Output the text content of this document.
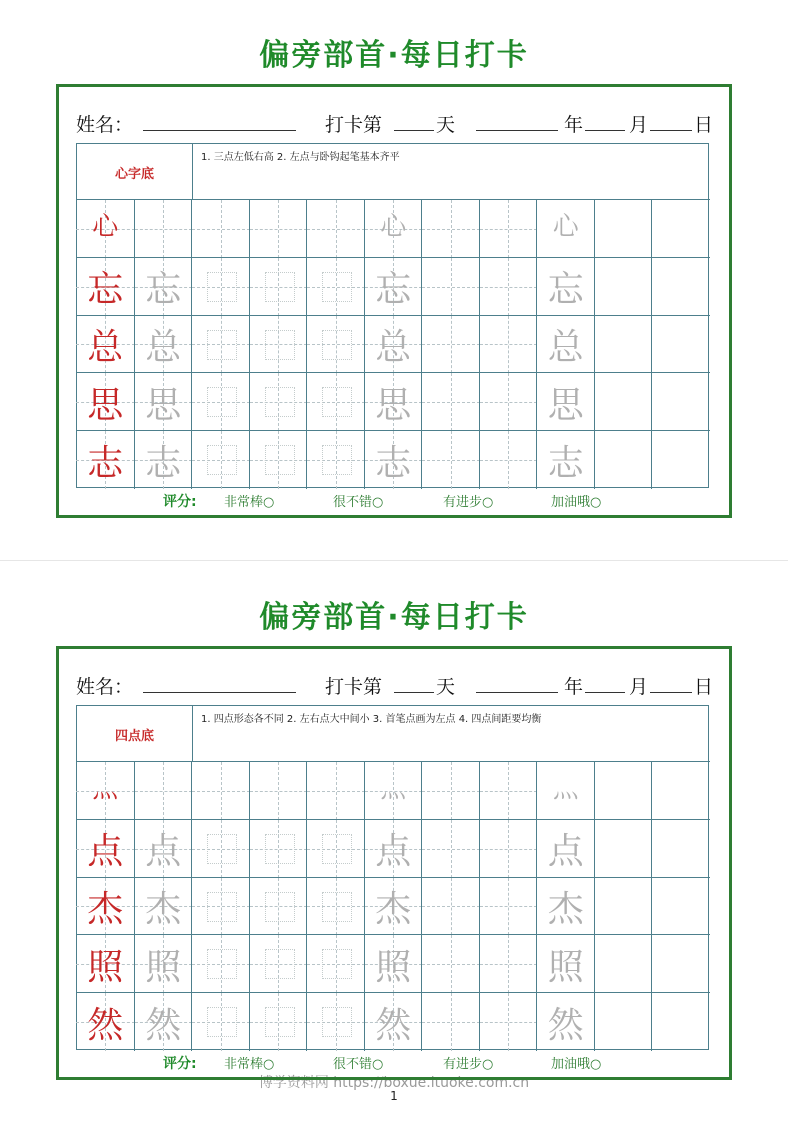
博学资料网 https://boxue.ltuoke.com.cn
1
偏旁部首·每日打卡
姓名：	打卡第	天	年 月 日
心字底
1. 三点左低右高 2. 左点与卧钩起笔基本齐平
心	心	心
忘 忘	忘	忘
总 总	总	总
思 思	思	思
志 志	志	志
评分: 非常棒○	很不错○	有进步○	加油哦○
偏旁部首·每日打卡
姓名：	打卡第	天	年 月 日
四点底
1. 四点形态各不同 2. 左右点大中间小 3. 首笔点画为左点 4. 四点间距要均衡
灬	灬	灬
点 点	点	点
杰 杰	杰	杰
照 照	照	照
然 然	然	然
评分: 非常棒○	很不错○	有进步○	加油哦○
